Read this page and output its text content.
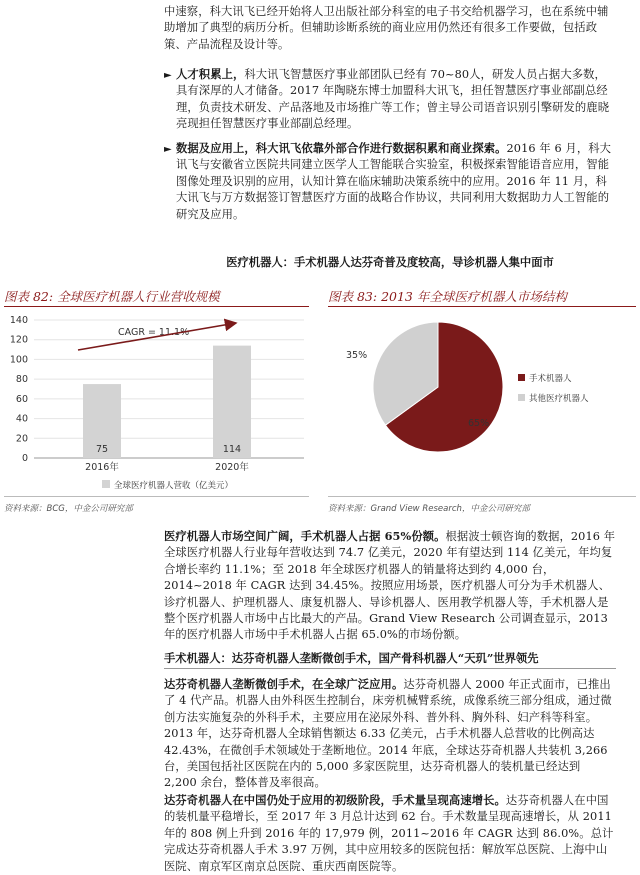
中速察，科大讯飞已经开始将人卫出版社部分科室的电子书交给机器学习，也在系统中辅助增加了典型的病历分析。但辅助诊断系统的商业应用仍然还有很多工作要做，包括政策、产品流程及设计等。

► 人才积累上，科大讯飞智慧医疗事业部团队已经有 70~80人，研发人员占据大多数，具有深厚的人才储备。2017 年陶晓东博士加盟科大讯飞，担任智慧医疗事业部副总经理，负责技术研发、产品落地及市场推广等工作；曾主导公司语音识别引擎研发的鹿晓亮现担任智慧医疗事业部副总经理。

► 数据及应用上，科大讯飞依靠外部合作进行数据积累和商业探索。2016 年 6 月，科大讯飞与安徽省立医院共同建立医学人工智能联合实验室，积极探索智能语音应用，智能图像处理及识别的应用，认知计算在临床辅助决策系统中的应用。2016 年 11 月，科大讯飞与万方数据签订智慧医疗方面的战略合作协议，共同利用大数据助力人工智能的研究及应用。

医疗机器人：手术机器人达芬奇普及度较高，导诊机器人集中面市
图表 82: 全球医疗机器人行业营收规模	图表 83: 2013 年全球医疗机器人市场结构
0
20
40
60
80
100
120
140
75
2016年
114
2020年
CAGR = 11.1%
全球医疗机器人营收（亿美元）
35%
65%
手术机器人
其他医疗机器人
资料来源：BCG，中金公司研究部	资料来源：Grand View Research，中金公司研究部

医疗机器人市场空间广阔，手术机器人占据 65%份额。根据波士顿咨询的数据，2016 年全球医疗机器人行业每年营收达到 74.7 亿美元，2020 年有望达到 114 亿美元，年均复合增长率约 11.1%；至 2018 年全球医疗机器人的销量将达到约 4,000 台，2014~2018 年 CAGR 达到 34.45%。按照应用场景，医疗机器人可分为手术机器人、诊疗机器人、护理机器人、康复机器人、导诊机器人、医用教学机器人等，手术机器人是整个医疗机器人市场中占比最大的产品。Grand View Research 公司调查显示，2013 年的医疗机器人市场中手术机器人占据 65.0%的市场份额。

手术机器人：达芬奇机器人垄断微创手术，国产骨科机器人“天玑”世界领先

达芬奇机器人垄断微创手术，在全球广泛应用。达芬奇机器人 2000 年正式面市，已推出了 4 代产品。机器人由外科医生控制台，床旁机械臂系统，成像系统三部分组成，通过微创方法实施复杂的外科手术，主要应用在泌尿外科、普外科、胸外科、妇产科等科室。2013 年，达芬奇机器人全球销售额达 6.33 亿美元，占手术机器人总营收的比例高达 42.43%，在微创手术领域处于垄断地位。2014 年底，全球达芬奇机器人共装机 3,266 台，美国包括社区医院在内的 5,000 多家医院里，达芬奇机器人的装机量已经达到 2,200 余台，整体普及率很高。

达芬奇机器人在中国仍处于应用的初级阶段，手术量呈现高速增长。达芬奇机器人在中国的装机量平稳增长，至 2017 年 3 月总计达到 62 台。手术数量呈现高速增长，从 2011 年的 808 例上升到 2016 年的 17,979 例，2011~2016 年 CAGR 达到 86.0%。总计完成达芬奇机器人手术 3.97 万例，其中应用较多的医院包括：解放军总医院、上海中山医院、南京军区南京总医院、重庆西南医院等。
